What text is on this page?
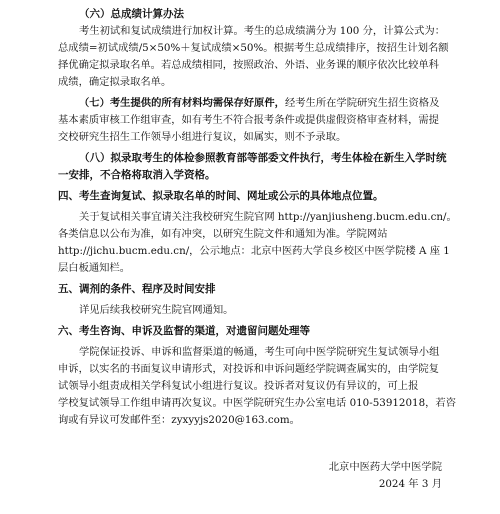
（六）总成绩计算办法

考生初试和复试成绩进行加权计算。考生的总成绩满分为 100 分，计算公式为：
总成绩=初试成绩/5×50%＋复试成绩×50%。根据考生总成绩排序，按招生计划名额
择优确定拟录取名单。若总成绩相同，按照政治、外语、业务课的顺序依次比较单科
成绩，确定拟录取名单。

（七）考生提供的所有材料均需保存好原件，经考生所在学院研究生招生资格及
基本素质审核工作组审查，如有考生不符合报考条件或提供虚假资格审查材料，需提
交校研究生招生工作领导小组进行复议，如属实，则不予录取。

（八）拟录取考生的体检参照教育部等部委文件执行，考生体检在新生入学时统

一安排，不合格将取消入学资格。

四、考生查询复试、拟录取名单的时间、网址或公示的具体地点位置。

关于复试相关事宜请关注我校研究生院官网 http://yanjiusheng.bucm.edu.cn/。
各类信息以公布为准，如有冲突，以研究生院文件和通知为准。学院网站
http://jichu.bucm.edu.cn/，公示地点：北京中医药大学良乡校区中医学院楼 A 座 1
层白板通知栏。

五、调剂的条件、程序及时间安排

详见后续我校研究生院官网通知。

六、考生咨询、申诉及监督的渠道，对遗留问题处理等

学院保证投诉、申诉和监督渠道的畅通，考生可向中医学院研究生复试领导小组
申诉，以实名的书面复议申请形式，对投诉和申诉问题经学院调查属实的，由学院复
试领导小组责成相关学科复试小组进行复议。投诉者对复议仍有异议的，可上报
学校复试领导工作组申请再次复议。中医学院研究生办公室电话 010-53912018，若咨
询或有异议可发邮件至：zyxyyjs2020@163.com。

北京中医药大学中医学院
2024 年 3 月
